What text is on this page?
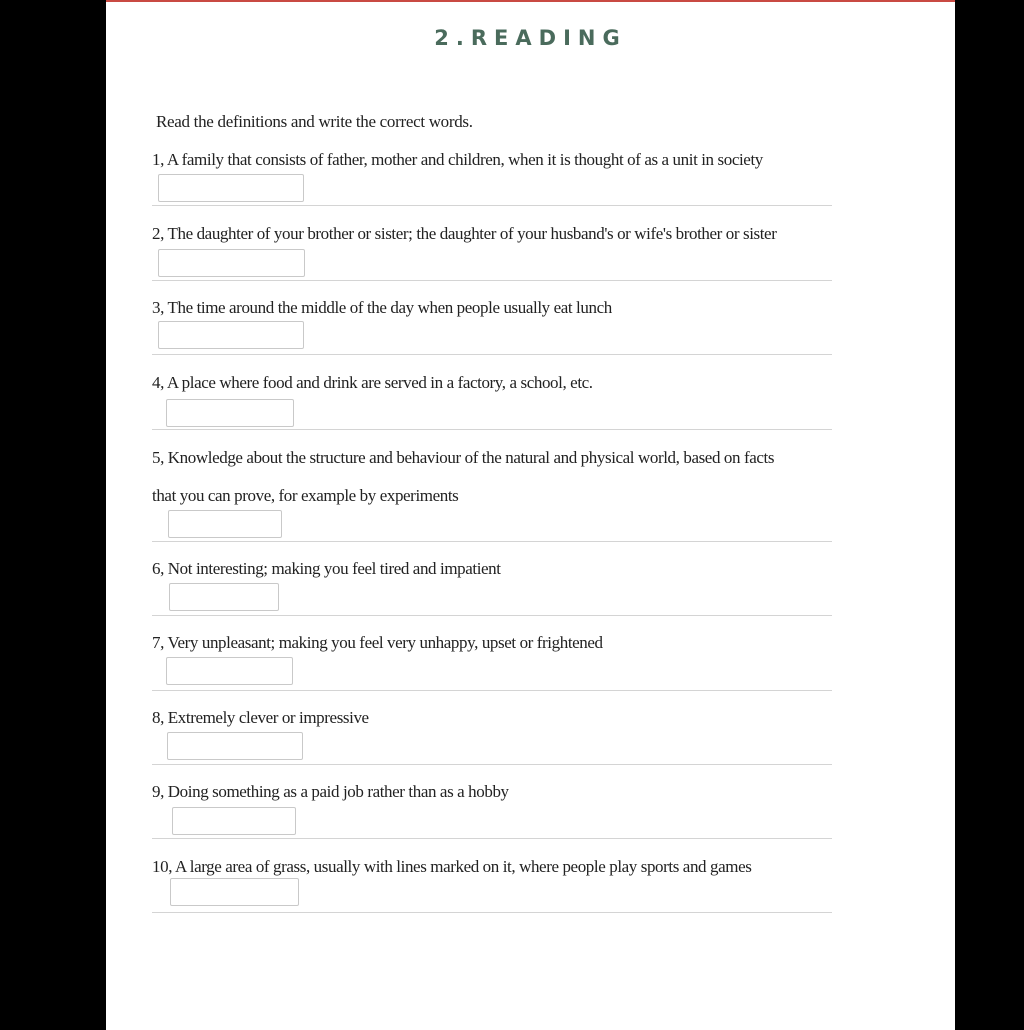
2.READING
Read the definitions and write the correct words.
1, A family that consists of father, mother and children, when it is thought of as a unit in society
2, The daughter of your brother or sister; the daughter of your husband's or wife's brother or sister
3, The time around the middle of the day when people usually eat lunch
4, A place where food and drink are served in a factory, a school, etc.
5, Knowledge about the structure and behaviour of the natural and physical world, based on facts
that you can prove, for example by experiments
6, Not interesting; making you feel tired and impatient
7, Very unpleasant; making you feel very unhappy, upset or frightened
8, Extremely clever or impressive
9, Doing something as a paid job rather than as a hobby
10, A large area of grass, usually with lines marked on it, where people play sports and games
